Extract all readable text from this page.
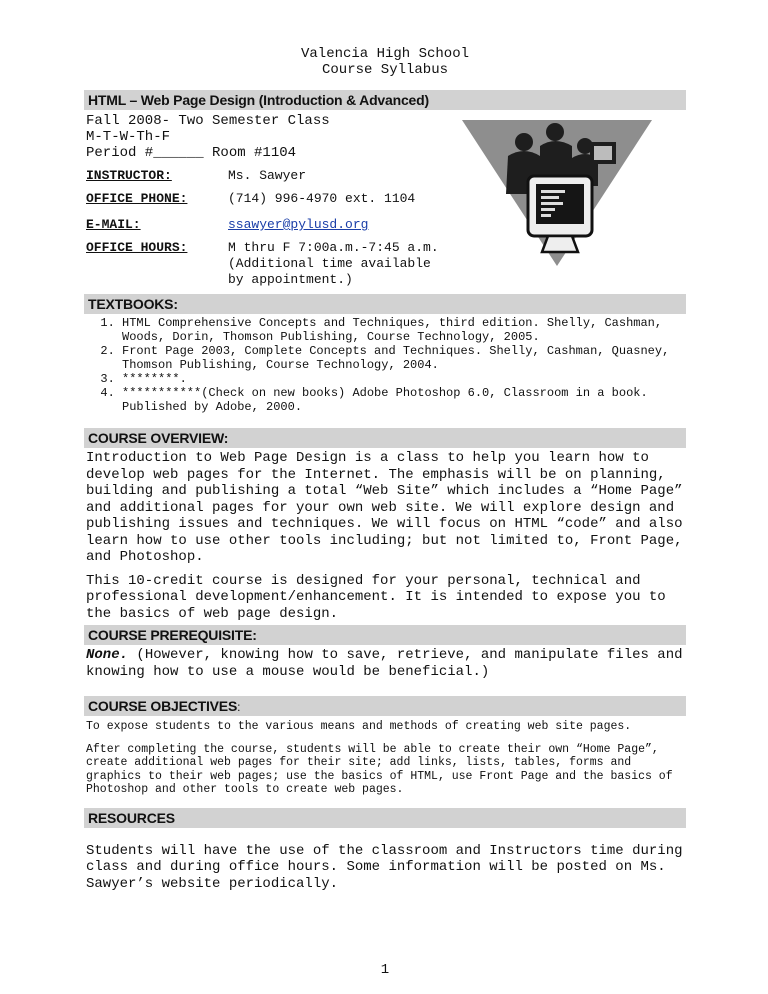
Valencia High School
Course Syllabus
HTML – Web Page Design (Introduction & Advanced)
Fall 2008- Two Semester Class
M-T-W-Th-F
Period #______ Room #1104
INSTRUCTOR:	Ms. Sawyer
OFFICE PHONE:	(714) 996-4970 ext. 1104
E-MAIL:	ssawyer@pylusd.org
OFFICE HOURS:	M thru F 7:00a.m.-7:45 a.m.
(Additional time available
by appointment.)
TEXTBOOKS:
1. HTML Comprehensive Concepts and Techniques, third edition. Shelly, Cashman, Woods, Dorin, Thomson Publishing, Course Technology, 2005.
2. Front Page 2003, Complete Concepts and Techniques. Shelly, Cashman, Quasney, Thomson Publishing, Course Technology, 2004.
3. ********.
4. ***********(Check on new books) Adobe Photoshop 6.0, Classroom in a book. Published by Adobe, 2000.
COURSE OVERVIEW:
Introduction to Web Page Design is a class to help you learn how to develop web pages for the Internet. The emphasis will be on planning, building and publishing a total “Web Site” which includes a “Home Page” and additional pages for your own web site. We will explore design and publishing issues and techniques. We will focus on HTML “code” and also learn how to use other tools including; but not limited to, Front Page, and Photoshop.
This 10-credit course is designed for your personal, technical and professional development/enhancement. It is intended to expose you to the basics of web page design.
COURSE PREREQUISITE:
None. (However, knowing how to save, retrieve, and manipulate files and knowing how to use a mouse would be beneficial.)
COURSE OBJECTIVES:
To expose students to the various means and methods of creating web site pages.
After completing the course, students will be able to create their own “Home Page”, create additional web pages for their site; add links, lists, tables, forms and graphics to their web pages; use the basics of HTML, use Front Page and the basics of Photoshop and other tools to create web pages.
RESOURCES
Students will have the use of the classroom and Instructors time during class and during office hours. Some information will be posted on Ms. Sawyer’s website periodically.
1
